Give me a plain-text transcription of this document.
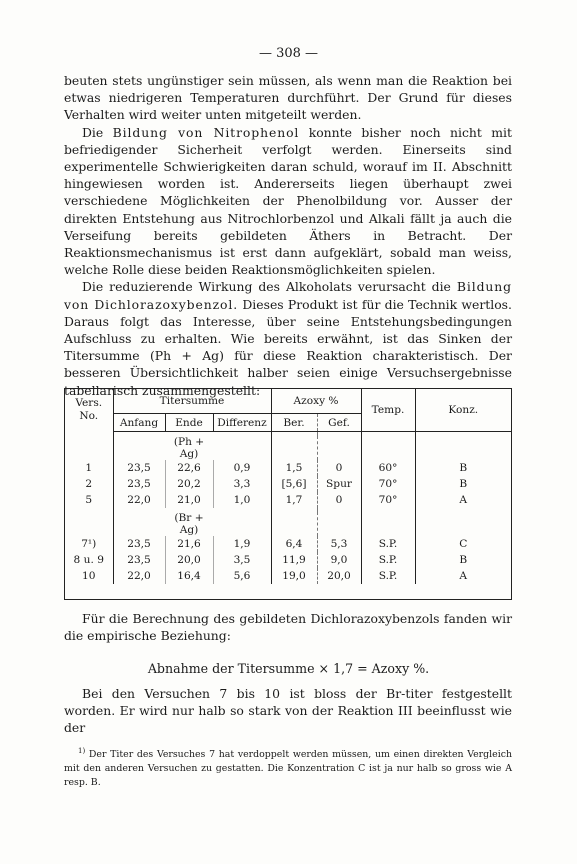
— 308 —

beuten stets ungünstiger sein müssen, als wenn man die Reaktion bei etwas niedrigeren Temperaturen durchführt. Der Grund für dieses Verhalten wird weiter unten mitgeteilt werden.

Die Bildung von Nitrophenol konnte bisher noch nicht mit befriedigender Sicherheit verfolgt werden. Einerseits sind experimentelle Schwierigkeiten daran schuld, worauf im II. Abschnitt hingewiesen worden ist. Andererseits liegen überhaupt zwei verschiedene Möglichkeiten der Phenolbildung vor. Ausser der direkten Entstehung aus Nitrochlorbenzol und Alkali fällt ja auch die Verseifung bereits gebildeten Äthers in Betracht. Der Reaktionsmechanismus ist erst dann aufgeklärt, sobald man weiss, welche Rolle diese beiden Reaktionsmöglichkeiten spielen.

Die reduzierende Wirkung des Alkoholats verursacht die Bildung von Dichlorazoxybenzol. Dieses Produkt ist für die Technik wertlos. Daraus folgt das Interesse, über seine Entstehungsbedingungen Aufschluss zu erhalten. Wie bereits erwähnt, ist das Sinken der Titersumme (Ph + Ag) für diese Reaktion charakteristisch. Der besseren Übersichtlichkeit halber seien einige Versuchsergebnisse tabellarisch zusammengestellt:

Vers.
No.	Titersumme			Azoxy %		Temp.	Konz.
	Anfang	Ende	Differenz	Ber.	Gef.		

		(Ph + Ag)					
1	23,5	22,6	0,9	1,5	0	60°	B
2	23,5	20,2	3,3	[5,6]	Spur	70°	B
5	22,0	21,0	1,0	1,7	0	70°	A

		(Br + Ag)					
7¹)	23,5	21,6	1,9	6,4	5,3	S.P.	C
8 u. 9	23,5	20,0	3,5	11,9	9,0	S.P.	B
10	22,0	16,4	5,6	19,0	20,0	S.P.	A

Für die Berechnung des gebildeten Dichlorazoxybenzols fanden wir die empirische Beziehung:

Abnahme der Titersumme × 1,7 = Azoxy %.

Bei den Versuchen 7 bis 10 ist bloss der Br-titer festgestellt worden. Er wird nur halb so stark von der Reaktion III beeinflusst wie der

$^{1)}$ Der Titer des Versuches 7 hat verdoppelt werden müssen, um einen direkten Vergleich mit den anderen Versuchen zu gestatten. Die Konzentration C ist ja nur halb so gross wie A resp. B.
